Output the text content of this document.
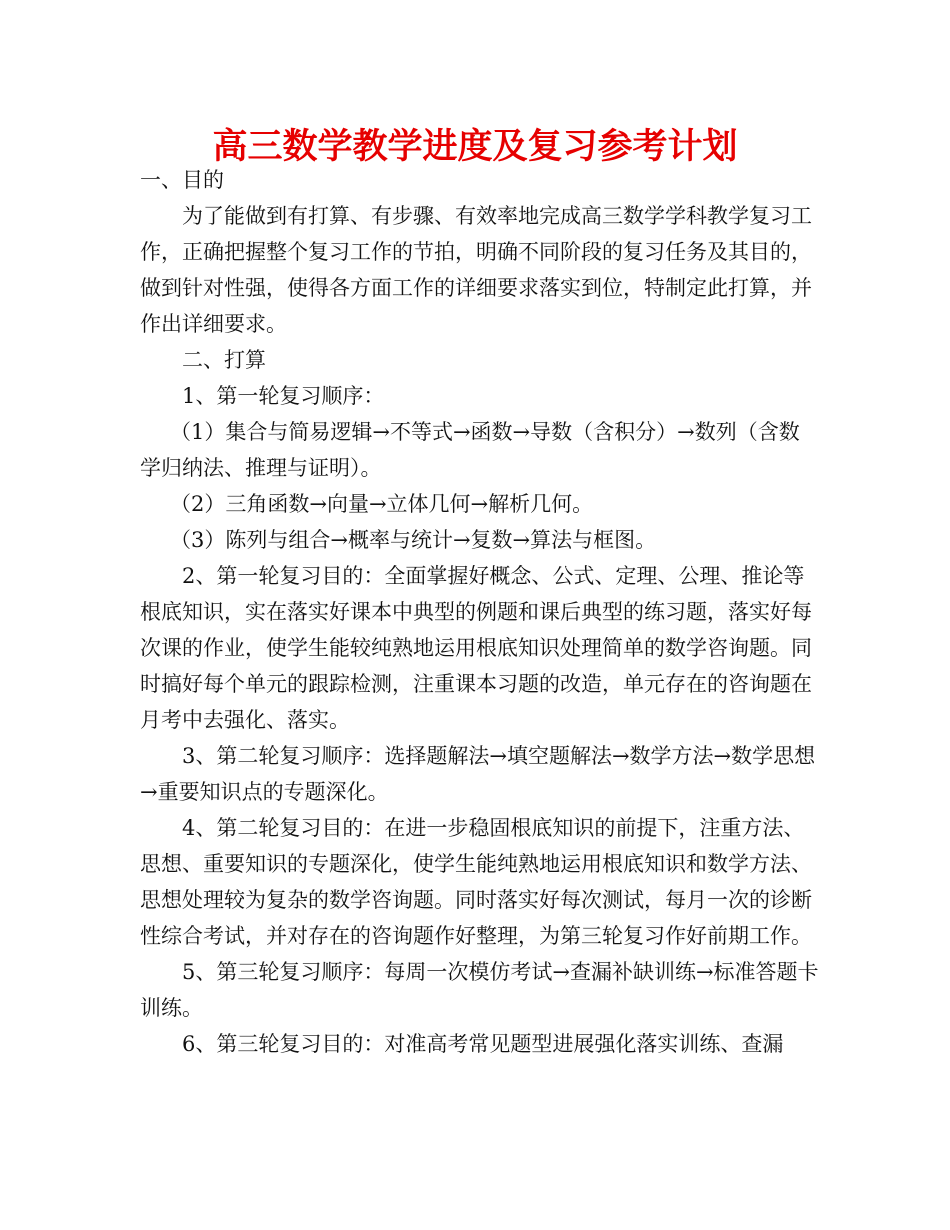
高三数学教学进度及复习参考计划

一、目的

为了能做到有打算、有步骤、有效率地完成高三数学学科教学复习工作，正确把握整个复习工作的节拍，明确不同阶段的复习任务及其目的，做到针对性强，使得各方面工作的详细要求落实到位，特制定此打算，并作出详细要求。

二、打算

1、第一轮复习顺序：

（1）集合与简易逻辑→不等式→函数→导数（含积分）→数列（含数学归纳法、推理与证明）。

（2）三角函数→向量→立体几何→解析几何。

（3）陈列与组合→概率与统计→复数→算法与框图。

2、第一轮复习目的：全面掌握好概念、公式、定理、公理、推论等根底知识，实在落实好课本中典型的例题和课后典型的练习题，落实好每次课的作业，使学生能较纯熟地运用根底知识处理简单的数学咨询题。同时搞好每个单元的跟踪检测，注重课本习题的改造，单元存在的咨询题在月考中去强化、落实。

3、第二轮复习顺序：选择题解法→填空题解法→数学方法→数学思想→重要知识点的专题深化。

4、第二轮复习目的：在进一步稳固根底知识的前提下，注重方法、思想、重要知识的专题深化，使学生能纯熟地运用根底知识和数学方法、思想处理较为复杂的数学咨询题。同时落实好每次测试，每月一次的诊断性综合考试，并对存在的咨询题作好整理，为第三轮复习作好前期工作。

5、第三轮复习顺序：每周一次模仿考试→查漏补缺训练→标准答题卡训练。

6、第三轮复习目的：对准高考常见题型进展强化落实训练、查漏
